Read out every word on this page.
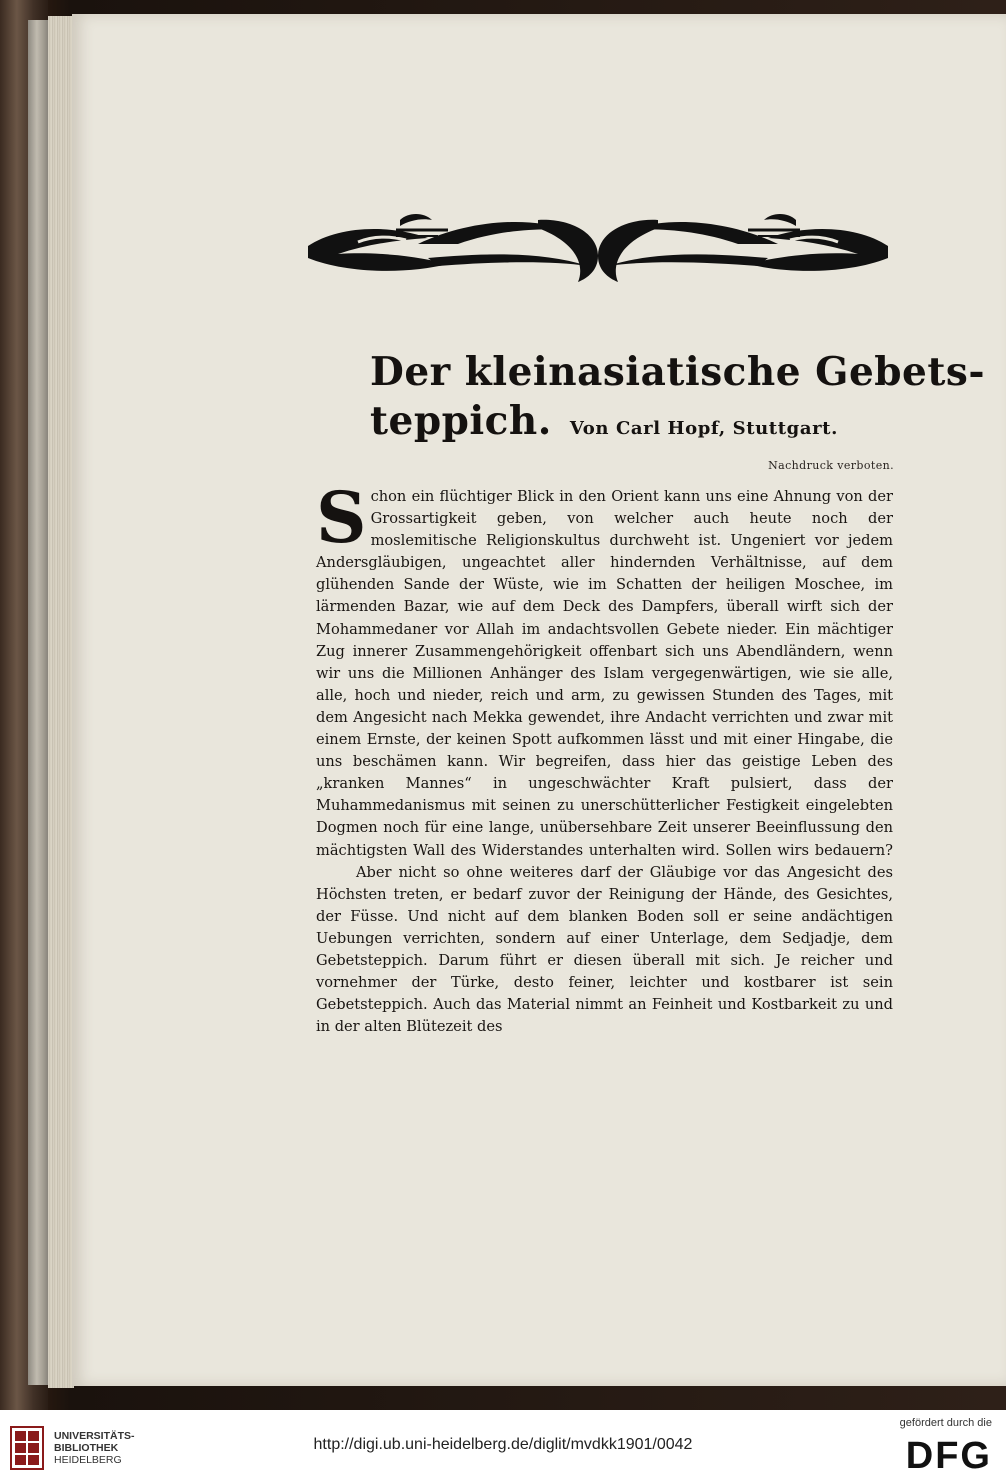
Der kleinasiatische Gebets-
teppich. Von Carl Hopf, Stuttgart.
Nachdruck verboten.

Schon ein flüchtiger Blick in den Orient kann uns eine Ahnung von der Grossartigkeit geben, von welcher auch heute noch der moslemitische Religionskultus durchweht ist. Ungeniert vor jedem Andersgläubigen, ungeachtet aller hindernden Verhältnisse, auf dem glühenden Sande der Wüste, wie im Schatten der heiligen Moschee, im lärmenden Bazar, wie auf dem Deck des Dampfers, überall wirft sich der Mohammedaner vor Allah im andachtsvollen Gebete nieder. Ein mächtiger Zug innerer Zusammengehörigkeit offenbart sich uns Abendländern, wenn wir uns die Millionen Anhänger des Islam vergegenwärtigen, wie sie alle, alle, hoch und nieder, reich und arm, zu gewissen Stunden des Tages, mit dem Angesicht nach Mekka gewendet, ihre Andacht verrichten und zwar mit einem Ernste, der keinen Spott aufkommen lässt und mit einer Hingabe, die uns beschämen kann. Wir begreifen, dass hier das geistige Leben des „kranken Mannes“ in ungeschwächter Kraft pulsiert, dass der Muhammedanismus mit seinen zu unerschütterlicher Festigkeit eingelebten Dogmen noch für eine lange, unübersehbare Zeit unserer Beeinflussung den mächtigsten Wall des Widerstandes unterhalten wird. Sollen wirs bedauern?

Aber nicht so ohne weiteres darf der Gläubige vor das Angesicht des Höchsten treten, er bedarf zuvor der Reinigung der Hände, des Gesichtes, der Füsse. Und nicht auf dem blanken Boden soll er seine andächtigen Uebungen verrichten, sondern auf einer Unterlage, dem Sedjadje, dem Gebetsteppich. Darum führt er diesen überall mit sich. Je reicher und vornehmer der Türke, desto feiner, leichter und kostbarer ist sein Gebetsteppich. Auch das Material nimmt an Feinheit und Kostbarkeit zu und in der alten Blütezeit des

UNIVERSITÄTS-
BIBLIOTHEK
HEIDELBERG
http://digi.ub.uni-heidelberg.de/diglit/mvdkk1901/0042
gefördert durch die
DFG
